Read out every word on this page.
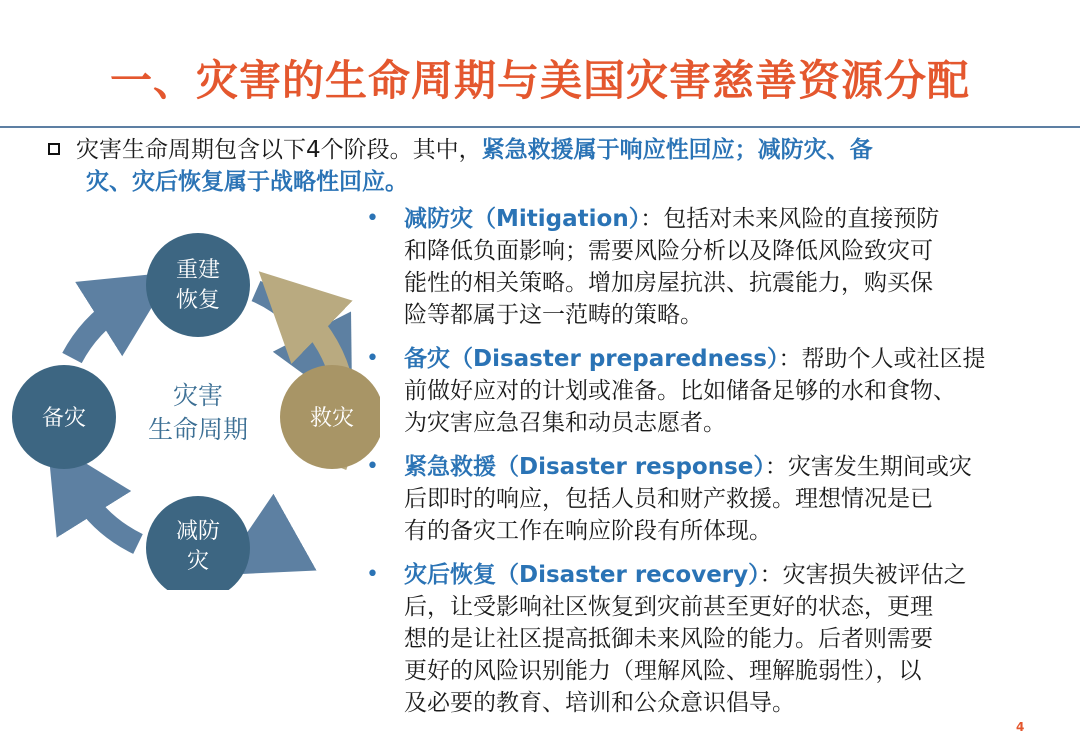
一、灾害的生命周期与美国灾害慈善资源分配
灾害生命周期包含以下4个阶段。其中，紧急救援属于响应性回应；减防灾、备
灾、灾后恢复属于战略性回应。
重建
恢复
救灾
减防
灾
备灾
灾害
生命周期
• 减防灾（Mitigation）：包括对未来风险的直接预防
和降低负面影响；需要风险分析以及降低风险致灾可
能性的相关策略。增加房屋抗洪、抗震能力，购买保
险等都属于这一范畴的策略。
• 备灾（Disaster preparedness）：帮助个人或社区提
前做好应对的计划或准备。比如储备足够的水和食物、
为灾害应急召集和动员志愿者。
• 紧急救援（Disaster response）：灾害发生期间或灾
后即时的响应，包括人员和财产救援。理想情况是已
有的备灾工作在响应阶段有所体现。
• 灾后恢复（Disaster recovery）：灾害损失被评估之
后，让受影响社区恢复到灾前甚至更好的状态，更理
想的是让社区提高抵御未来风险的能力。后者则需要
更好的风险识别能力（理解风险、理解脆弱性），以
及必要的教育、培训和公众意识倡导。
4
